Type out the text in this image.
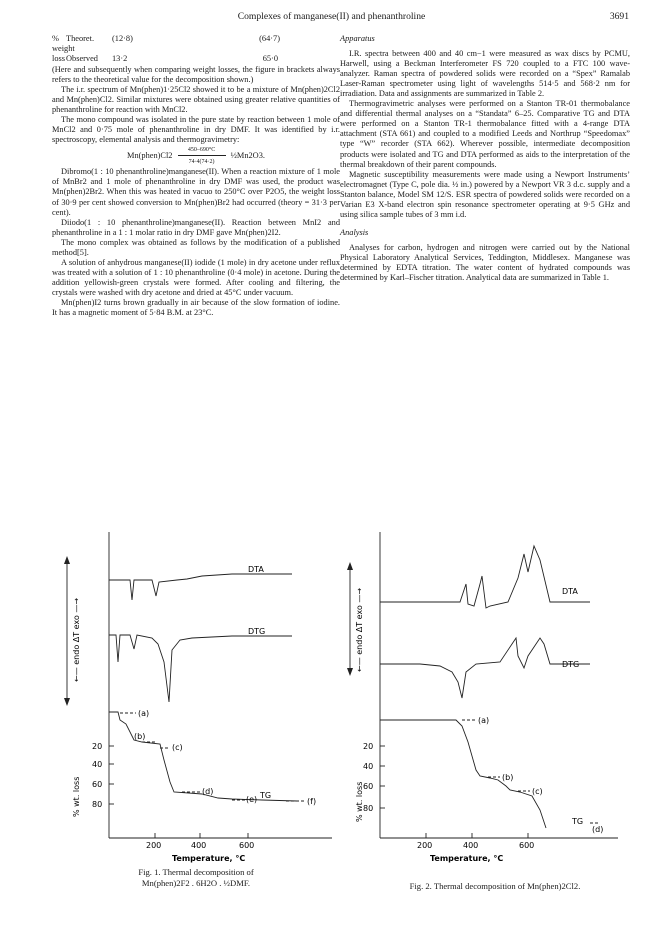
Complexes of manganese(II) and phenanthroline	3691
% weight
Theoret.	(12·8)	(64·7)
loss Observed	13·2	65·0

(Here and subsequently when comparing weight losses, the figure in brackets always refers to the theoretical value for the decomposition shown.)

The i.r. spectrum of Mn(phen)1·25Cl2 showed it to be a mixture of Mn(phen)2Cl2 and Mn(phen)Cl2. Similar mixtures were obtained using greater relative quantities of phenanthroline for reaction with MnCl2.

The mono compound was isolated in the pure state by reaction between 1 mole of MnCl2 and 0·75 mole of phenanthroline in dry DMF. It was identified by i.r. spectroscopy, elemental analysis and thermogravimetry:

Mn(phen)Cl2 $\frac{450-690^\circ C}{74\cdot 4(74\cdot 2)}$ ½Mn2O3.

Dibromo(1 : 10 phenanthroline)manganese(II). When a reaction mixture of 1 mole of MnBr2 and 1 mole of phenanthroline in dry DMF was used, the product was Mn(phen)2Br2. When this was heated in vacuo to 250°C over P2O5, the weight loss of 30·9 per cent showed conversion to Mn(phen)Br2 had occurred (theory = 31·3 per cent).

Diiodo(1 : 10 phenanthroline)manganese(II). Reaction between MnI2 and phenanthroline in a 1 : 1 molar ratio in dry DMF gave Mn(phen)2I2.

The mono complex was obtained as follows by the modification of a published method[5].

A solution of anhydrous manganese(II) iodide (1 mole) in dry acetone under reflux was treated with a solution of 1 : 10 phenanthroline (0·4 mole) in acetone. During the addition yellowish-green crystals were formed. After cooling and filtering, the crystals were washed with dry acetone and dried at 45°C under vacuum.

Mn(phen)I2 turns brown gradually in air because of the slow formation of iodine. It has a magnetic moment of 5·84 B.M. at 23°C.

Apparatus

I.R. spectra between 400 and 40 cm−1 were measured as wax discs by PCMU, Harwell, using a Beckman Interferometer FS 720 coupled to a FTC 100 wave-analyzer. Raman spectra of powdered solids were recorded on a “Spex” Ramalab Laser-Raman spectrometer using light of wavelengths 514·5 and 568·2 nm for irradiation. Data and assignments are summarized in Table 2.

Thermogravimetric analyses were performed on a Stanton TR-01 thermobalance and differential thermal analyses on a “Standata” 6–25. Comparative TG and DTA were performed on a Stanton TR-1 thermobalance fitted with a 4-range DTA attachment (STA 661) and coupled to a modified Leeds and Northrup “Speedomax” type “W” recorder (STA 662). Wherever possible, intermediate decomposition products were isolated and TG and DTA performed as aids to the interpretation of the thermal breakdown of their parent compounds.

Magnetic susceptibility measurements were made using a Newport Instruments’ electromagnet (Type C, pole dia. ½ in.) powered by a Newport VR 3 d.c. supply and a Stanton balance, Model SM 12/S. ESR spectra of powdered solids were recorded on a Varian E3 X-band electron spin resonance spectrometer operating at 9·5 GHz and using silica sample tubes of 3 mm i.d.

Analysis

Analyses for carbon, hydrogen and nitrogen were carried out by the National Physical Laboratory Analytical Services, Teddington, Middlesex. Manganese was determined by EDTA titration. The water content of hydrated compounds was determined by Karl–Fischer titration. Analytical data are summarized in Table 1.

DTA
DTG
TG
(a)
(b)
(c)
(d)
(e)	(f)
20
40
60
80
200	400	600
Temperature, °C
←— endo ΔT exo —→
% wt. loss
Fig. 1. Thermal decomposition of
Mn(phen)2F2 . 6H2O . ½DMF.
DTA
DTG
TG
(a)
(b)
(c)
(d)
20
40
60
80
200	400	600
Temperature, °C
←— endo ΔT exo —→
% wt. loss
Fig. 2. Thermal decomposition of Mn(phen)2Cl2.
